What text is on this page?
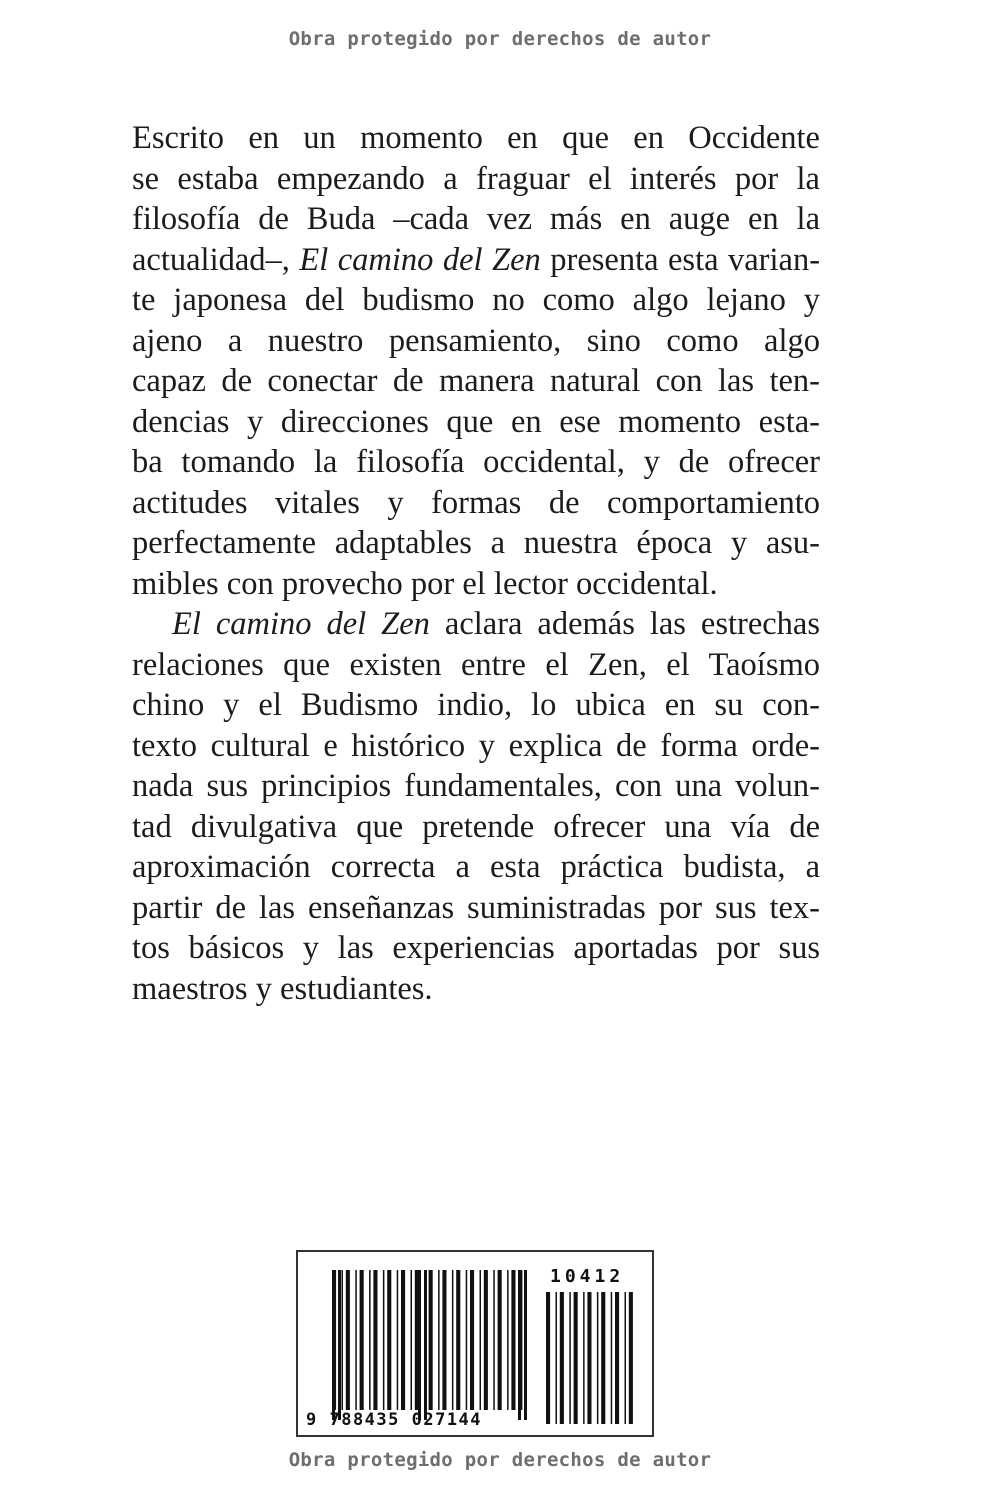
Obra protegido por derechos de autor
Escrito en un momento en que en Occidente
se estaba empezando a fraguar el interés por la
filosofía de Buda –cada vez más en auge en la
actualidad–, El camino del Zen presenta esta varian-
te japonesa del budismo no como algo lejano y
ajeno a nuestro pensamiento, sino como algo
capaz de conectar de manera natural con las ten-
dencias y direcciones que en ese momento esta-
ba tomando la filosofía occidental, y de ofrecer
actitudes vitales y formas de comportamiento
perfectamente adaptables a nuestra época y asu-
mibles con provecho por el lector occidental.
El camino del Zen aclara además las estrechas
relaciones que existen entre el Zen, el Taoísmo
chino y el Budismo indio, lo ubica en su con-
texto cultural e histórico y explica de forma orde-
nada sus principios fundamentales, con una volun-
tad divulgativa que pretende ofrecer una vía de
aproximación correcta a esta práctica budista, a
partir de las enseñanzas suministradas por sus tex-
tos básicos y las experiencias aportadas por sus
maestros y estudiantes.
9 788435 027144
10412
Obra protegido por derechos de autor
